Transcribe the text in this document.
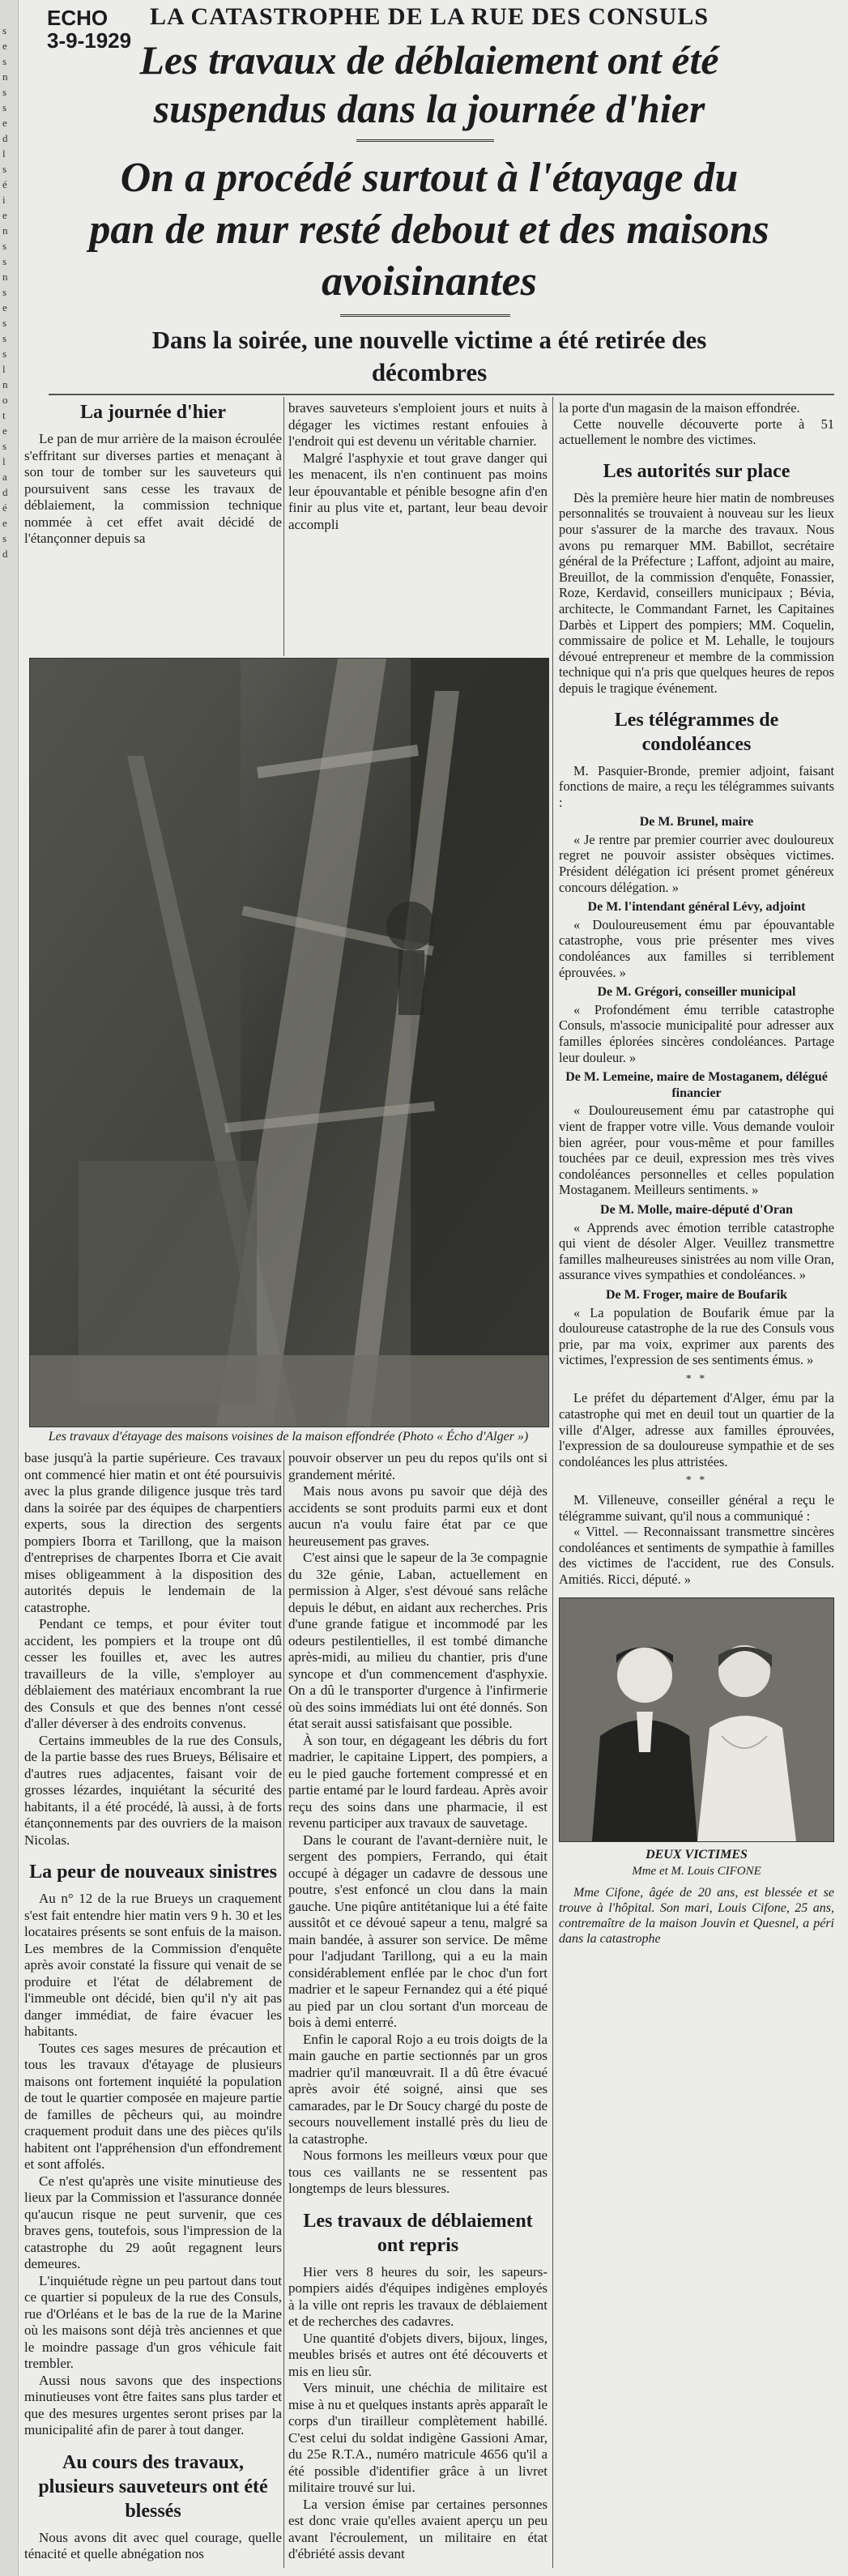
s
e
s
n
s
s
e
d
l
s
é
i
e
n
s
s
n
s
e
s
s
s
l
n
o
t
e
s
l
a
d
é
e
s
d
ECHO
3-9-1929
LA CATASTROPHE DE LA RUE DES CONSULS
Les travaux de déblaiement ont été
suspendus dans la journée d'hier
On a procédé surtout à l'étayage du
pan de mur resté debout et des maisons
avoisinantes
Dans la soirée, une nouvelle victime a été retirée des décombres
La journée d'hier

Le pan de mur arrière de la maison écroulée s'effritant sur diverses parties et menaçant à son tour de tomber sur les sauveteurs qui poursuivent sans cesse les travaux de déblaiement, la commission technique nommée à cet effet avait décidé de l'étançonner depuis sa

braves sauveteurs s'emploient jours et nuits à dégager les victimes restant enfouies à l'endroit qui est devenu un véritable charnier.

Malgré l'asphyxie et tout grave danger qui les menacent, ils n'en continuent pas moins leur épouvantable et pénible besogne afin d'en finir au plus vite et, partant, leur beau devoir accompli

Les travaux d'étayage des maisons voisines de la maison effondrée (Photo « Écho d'Alger »)

base jusqu'à la partie supérieure. Ces travaux ont commencé hier matin et ont été poursuivis avec la plus grande diligence jusque très tard dans la soirée par des équipes de charpentiers experts, sous la direction des sergents pompiers Iborra et Tarillong, que la maison d'entreprises de charpentes Iborra et Cie avait mises obligeamment à la disposition des autorités depuis le lendemain de la catastrophe.

Pendant ce temps, et pour éviter tout accident, les pompiers et la troupe ont dû cesser les fouilles et, avec les autres travailleurs de la ville, s'employer au déblaiement des matériaux encombrant la rue des Consuls et que des bennes n'ont cessé d'aller déverser à des endroits convenus.

Certains immeubles de la rue des Consuls, de la partie basse des rues Brueys, Bélisaire et d'autres rues adjacentes, faisant voir de grosses lézardes, inquiétant la sécurité des habitants, il a été procédé, là aussi, à de forts étançonnements par des ouvriers de la maison Nicolas.

La peur de nouveaux sinistres

Au n° 12 de la rue Brueys un craquement s'est fait entendre hier matin vers 9 h. 30 et les locataires présents se sont enfuis de la maison. Les membres de la Commission d'enquête après avoir constaté la fissure qui venait de se produire et l'état de délabrement de l'immeuble ont décidé, bien qu'il n'y ait pas danger immédiat, de faire évacuer les habitants.

Toutes ces sages mesures de précaution et tous les travaux d'étayage de plusieurs maisons ont fortement inquiété la population de tout le quartier composée en majeure partie de familles de pêcheurs qui, au moindre craquement produit dans une des pièces qu'ils habitent ont l'appréhension d'un effondrement et sont affolés.

Ce n'est qu'après une visite minutieuse des lieux par la Commission et l'assurance donnée qu'aucun risque ne peut survenir, que ces braves gens, toutefois, sous l'impression de la catastrophe du 29 août regagnent leurs demeures.

L'inquiétude règne un peu partout dans tout ce quartier si populeux de la rue des Consuls, rue d'Orléans et le bas de la rue de la Marine où les maisons sont déjà très anciennes et que le moindre passage d'un gros véhicule fait trembler.

Aussi nous savons que des inspections minutieuses vont être faites sans plus tarder et que des mesures urgentes seront prises par la municipalité afin de parer à tout danger.

Au cours des travaux, plusieurs sauveteurs ont été blessés

Nous avons dit avec quel courage, quelle ténacité et quelle abnégation nos

pouvoir observer un peu du repos qu'ils ont si grandement mérité.

Mais nous avons pu savoir que déjà des accidents se sont produits parmi eux et dont aucun n'a voulu faire état par ce que heureusement pas graves.

C'est ainsi que le sapeur de la 3e compagnie du 32e génie, Laban, actuellement en permission à Alger, s'est dévoué sans relâche depuis le début, en aidant aux recherches. Pris d'une grande fatigue et incommodé par les odeurs pestilentielles, il est tombé dimanche après-midi, au milieu du chantier, pris d'une syncope et d'un commencement d'asphyxie. On a dû le transporter d'urgence à l'infirmerie où des soins immédiats lui ont été donnés. Son état serait aussi satisfaisant que possible.

À son tour, en dégageant les débris du fort madrier, le capitaine Lippert, des pompiers, a eu le pied gauche fortement compressé et en partie entamé par le lourd fardeau. Après avoir reçu des soins dans une pharmacie, il est revenu participer aux travaux de sauvetage.

Dans le courant de l'avant-dernière nuit, le sergent des pompiers, Ferrando, qui était occupé à dégager un cadavre de dessous une poutre, s'est enfoncé un clou dans la main gauche. Une piqûre antitétanique lui a été faite aussitôt et ce dévoué sapeur a tenu, malgré sa main bandée, à assurer son service. De même pour l'adjudant Tarillong, qui a eu la main considérablement enflée par le choc d'un fort madrier et le sapeur Fernandez qui a été piqué au pied par un clou sortant d'un morceau de bois à demi enterré.

Enfin le caporal Rojo a eu trois doigts de la main gauche en partie sectionnés par un gros madrier qu'il manœuvrait. Il a dû être évacué après avoir été soigné, ainsi que ses camarades, par le Dr Soucy chargé du poste de secours nouvellement installé près du lieu de la catastrophe.

Nous formons les meilleurs vœux pour que tous ces vaillants ne se ressentent pas longtemps de leurs blessures.

Les travaux de déblaiement ont repris

Hier vers 8 heures du soir, les sapeurs-pompiers aidés d'équipes indigènes employés à la ville ont repris les travaux de déblaiement et de recherches des cadavres.

Une quantité d'objets divers, bijoux, linges, meubles brisés et autres ont été découverts et mis en lieu sûr.

Vers minuit, une chéchia de militaire est mise à nu et quelques instants après apparaît le corps d'un tirailleur complètement habillé. C'est celui du soldat indigène Gassioni Amar, du 25e R.T.A., numéro matricule 4656 qu'il a été possible d'identifier grâce à un livret militaire trouvé sur lui.

La version émise par certaines personnes est donc vraie qu'elles avaient aperçu un peu avant l'écroulement, un militaire en état d'ébriété assis devant

la porte d'un magasin de la maison effondrée.

Cette nouvelle découverte porte à 51 actuellement le nombre des victimes.

Les autorités sur place

Dès la première heure hier matin de nombreuses personnalités se trouvaient à nouveau sur les lieux pour s'assurer de la marche des travaux. Nous avons pu remarquer MM. Babillot, secrétaire général de la Préfecture ; Laffont, adjoint au maire, Breuillot, de la commission d'enquête, Fonassier, Roze, Kerdavid, conseillers municipaux ; Bévia, architecte, le Commandant Farnet, les Capitaines Darbès et Lippert des pompiers; MM. Coquelin, commissaire de police et M. Lehalle, le toujours dévoué entrepreneur et membre de la commission technique qui n'a pris que quelques heures de repos depuis le tragique événement.

Les télégrammes de condoléances

M. Pasquier-Bronde, premier adjoint, faisant fonctions de maire, a reçu les télégrammes suivants :

De M. Brunel, maire

« Je rentre par premier courrier avec douloureux regret ne pouvoir assister obsèques victimes. Président délégation ici présent promet généreux concours délégation. »

De M. l'intendant général Lévy, adjoint

« Douloureusement ému par épouvantable catastrophe, vous prie présenter mes vives condoléances aux familles si terriblement éprouvées. »

De M. Grégori, conseiller municipal

« Profondément ému terrible catastrophe Consuls, m'associe municipalité pour adresser aux familles éplorées sincères condoléances. Partage leur douleur. »

De M. Lemeine, maire de Mostaganem, délégué financier

« Douloureusement ému par catastrophe qui vient de frapper votre ville. Vous demande vouloir bien agréer, pour vous-même et pour familles touchées par ce deuil, expression mes très vives condoléances personnelles et celles population Mostaganem. Meilleurs sentiments. »

De M. Molle, maire-député d'Oran

« Apprends avec émotion terrible catastrophe qui vient de désoler Alger. Veuillez transmettre familles malheureuses sinistrées au nom ville Oran, assurance vives sympathies et condoléances. »

De M. Froger, maire de Boufarik

« La population de Boufarik émue par la douloureuse catastrophe de la rue des Consuls vous prie, par ma voix, exprimer aux parents des victimes, l'expression de ses sentiments émus. »

* *

Le préfet du département d'Alger, ému par la catastrophe qui met en deuil tout un quartier de la ville d'Alger, adresse aux familles éprouvées, l'expression de sa douloureuse sympathie et de ses condoléances les plus attristées.

* *

M. Villeneuve, conseiller général a reçu le télégramme suivant, qu'il nous a communiqué :

« Vittel. — Reconnaissant transmettre sincères condoléances et sentiments de sympathie à familles des victimes de l'accident, rue des Consuls. Amitiés. Ricci, député. »

DEUX VICTIMES
Mme et M. Louis CIFONE

Mme Cifone, âgée de 20 ans, est blessée et se trouve à l'hôpital. Son mari, Louis Cifone, 25 ans, contremaître de la maison Jouvin et Quesnel, a péri dans la catastrophe
